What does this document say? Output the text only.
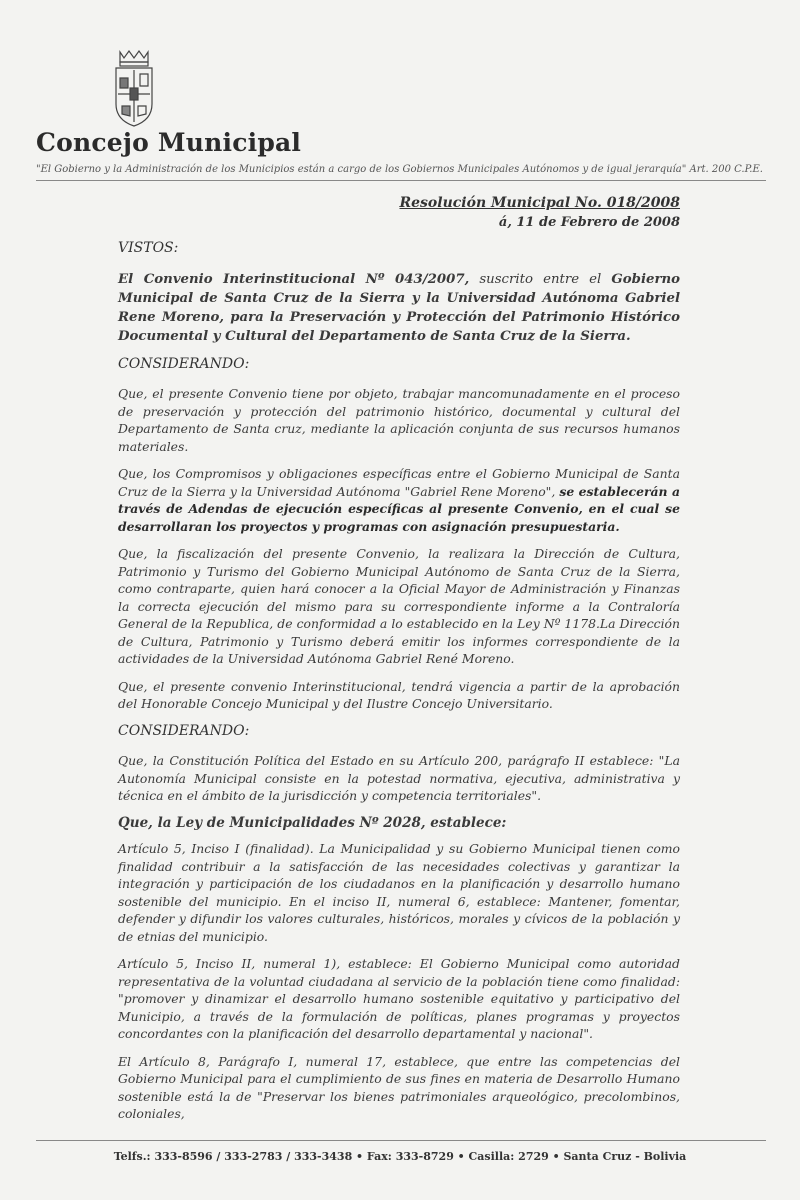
Concejo Municipal
"El Gobierno y la Administración de los Municipios están a cargo de los Gobiernos Municipales Autónomos y de igual jerarquía" Art. 200 C.P.E.
Resolución Municipal No. 018/2008
á, 11 de Febrero de 2008
VISTOS:

El Convenio Interinstitucional Nº 043/2007, suscrito entre el Gobierno Municipal de Santa Cruz de la Sierra y la Universidad Autónoma Gabriel Rene Moreno, para la Preservación y Protección del Patrimonio Histórico Documental y Cultural del Departamento de Santa Cruz de la Sierra.

CONSIDERANDO:

Que, el presente Convenio tiene por objeto, trabajar mancomunadamente en el proceso de preservación y protección del patrimonio histórico, documental y cultural del Departamento de Santa cruz, mediante la aplicación conjunta de sus recursos humanos materiales.

Que, los Compromisos y obligaciones específicas entre el Gobierno Municipal de Santa Cruz de la Sierra y la Universidad Autónoma "Gabriel Rene Moreno", se establecerán a través de Adendas de ejecución específicas al presente Convenio, en el cual se desarrollaran los proyectos y programas con asignación presupuestaria.

Que, la fiscalización del presente Convenio, la realizara la Dirección de Cultura, Patrimonio y Turismo del Gobierno Municipal Autónomo de Santa Cruz de la Sierra, como contraparte, quien hará conocer a la Oficial Mayor de Administración y Finanzas la correcta ejecución del mismo para su correspondiente informe a la Contraloría General de la Republica, de conformidad a lo establecido en la Ley Nº 1178.La Dirección de Cultura, Patrimonio y Turismo deberá emitir los informes correspondiente de la actividades de la Universidad Autónoma Gabriel René Moreno.

Que, el presente convenio Interinstitucional, tendrá vigencia a partir de la aprobación del Honorable Concejo Municipal y del Ilustre Concejo Universitario.

CONSIDERANDO:

Que, la Constitución Política del Estado en su Artículo 200, parágrafo II establece: "La Autonomía Municipal consiste en la potestad normativa, ejecutiva, administrativa y técnica en el ámbito de la jurisdicción y competencia territoriales".

Que, la Ley de Municipalidades Nº 2028, establece:

Artículo 5, Inciso I (finalidad). La Municipalidad y su Gobierno Municipal tienen como finalidad contribuir a la satisfacción de las necesidades colectivas y garantizar la integración y participación de los ciudadanos en la planificación y desarrollo humano sostenible del municipio. En el inciso II, numeral 6, establece: Mantener, fomentar, defender y difundir los valores culturales, históricos, morales y cívicos de la población y de etnias del municipio.

Artículo 5, Inciso II, numeral 1), establece: El Gobierno Municipal como autoridad representativa de la voluntad ciudadana al servicio de la población tiene como finalidad: "promover y dinamizar el desarrollo humano sostenible equitativo y participativo del Municipio, a través de la formulación de políticas, planes programas y proyectos concordantes con la planificación del desarrollo departamental y nacional".

El Artículo 8, Parágrafo I, numeral 17, establece, que entre las competencias del Gobierno Municipal para el cumplimiento de sus fines en materia de Desarrollo Humano sostenible está la de "Preservar los bienes patrimoniales arqueológico, precolombinos, coloniales,

Telfs.: 333-8596 / 333-2783 / 333-3438 • Fax: 333-8729 • Casilla: 2729 • Santa Cruz - Bolivia
